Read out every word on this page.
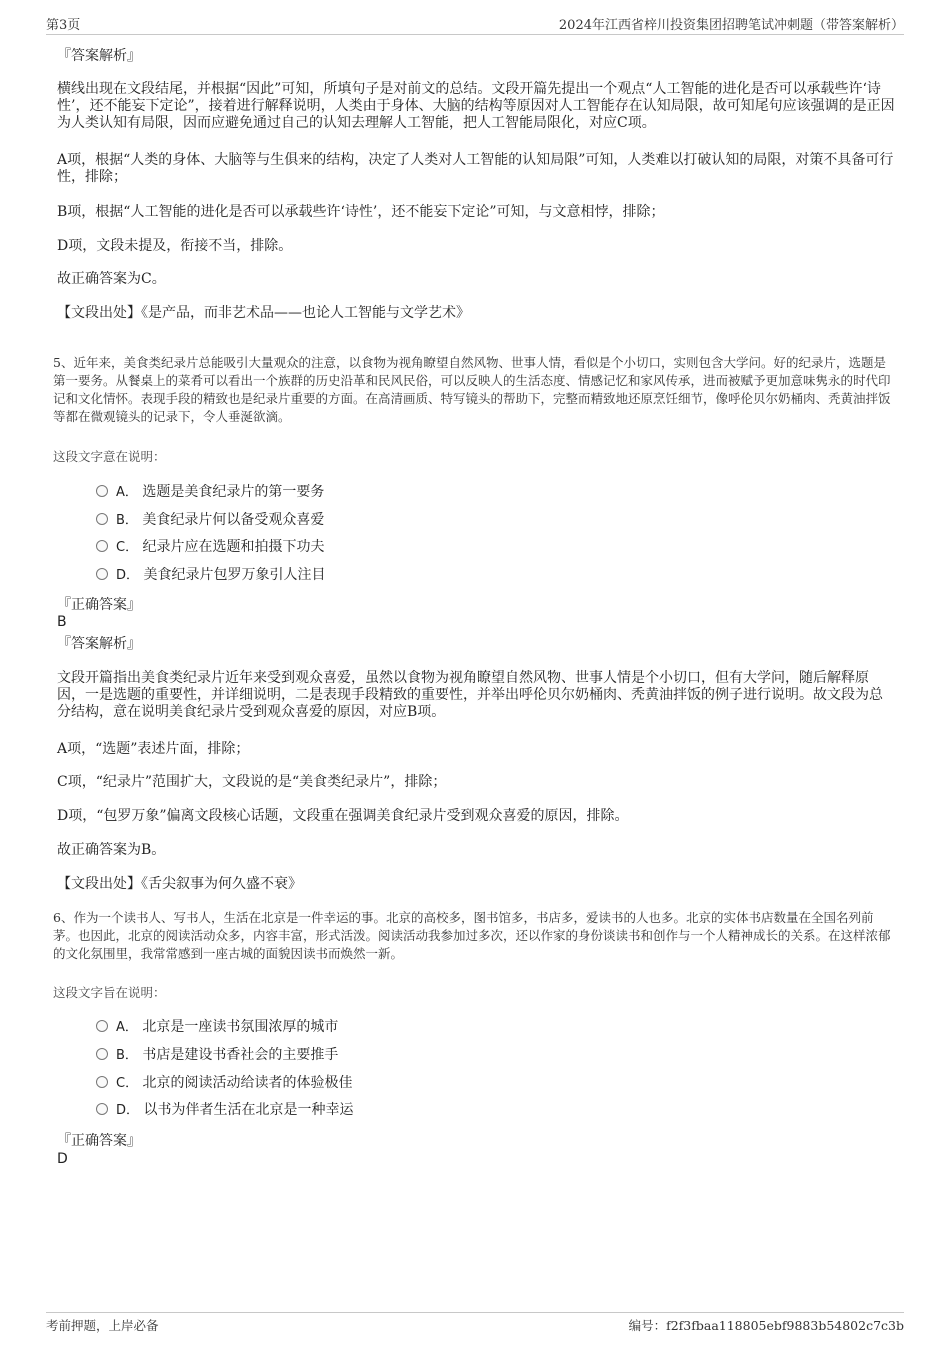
第3页	2024年江西省梓川投资集团招聘笔试冲刺题（带答案解析）
『答案解析』
横线出现在文段结尾，并根据“因此”可知，所填句子是对前文的总结。文段开篇先提出一个观点“人工智能的进化是否可以承载些许‘诗性’，还不能妄下定论”，接着进行解释说明，人类由于身体、大脑的结构等原因对人工智能存在认知局限，故可知尾句应该强调的是正因为人类认知有局限，因而应避免通过自己的认知去理解人工智能，把人工智能局限化，对应C项。
A项，根据“人类的身体、大脑等与生俱来的结构，决定了人类对人工智能的认知局限”可知，人类难以打破认知的局限，对策不具备可行性，排除；
B项，根据“人工智能的进化是否可以承载些许‘诗性’，还不能妄下定论”可知，与文意相悖，排除；
D项，文段未提及，衔接不当，排除。
故正确答案为C。
【文段出处】《是产品，而非艺术品——也论人工智能与文学艺术》
5、近年来，美食类纪录片总能吸引大量观众的注意，以食物为视角瞭望自然风物、世事人情，看似是个小切口，实则包含大学问。好的纪录片，选题是第一要务。从餐桌上的菜肴可以看出一个族群的历史沿革和民风民俗，可以反映人的生活态度、情感记忆和家风传承，进而被赋予更加意味隽永的时代印记和文化情怀。表现手段的精致也是纪录片重要的方面。在高清画质、特写镜头的帮助下，完整而精致地还原烹饪细节，像呼伦贝尔奶桶肉、秃黄油拌饭等都在微观镜头的记录下，令人垂涎欲滴。
这段文字意在说明：
A． 选题是美食纪录片的第一要务
B． 美食纪录片何以备受观众喜爱
C． 纪录片应在选题和拍摄下功夫
D． 美食纪录片包罗万象引人注目
『正确答案』
B
『答案解析』
文段开篇指出美食类纪录片近年来受到观众喜爱，虽然以食物为视角瞭望自然风物、世事人情是个小切口，但有大学问，随后解释原因，一是选题的重要性，并详细说明，二是表现手段精致的重要性，并举出呼伦贝尔奶桶肉、秃黄油拌饭的例子进行说明。故文段为总分结构，意在说明美食纪录片受到观众喜爱的原因，对应B项。
A项，“选题”表述片面，排除；
C项，“纪录片”范围扩大，文段说的是“美食类纪录片”，排除；
D项，“包罗万象”偏离文段核心话题，文段重在强调美食纪录片受到观众喜爱的原因，排除。
故正确答案为B。
【文段出处】《舌尖叙事为何久盛不衰》
6、作为一个读书人、写书人，生活在北京是一件幸运的事。北京的高校多，图书馆多，书店多，爱读书的人也多。北京的实体书店数量在全国名列前茅。也因此，北京的阅读活动众多，内容丰富，形式活泼。阅读活动我参加过多次，还以作家的身份谈读书和创作与一个人精神成长的关系。在这样浓郁的文化氛围里，我常常感到一座古城的面貌因读书而焕然一新。
这段文字旨在说明：
A． 北京是一座读书氛围浓厚的城市
B． 书店是建设书香社会的主要推手
C． 北京的阅读活动给读者的体验极佳
D． 以书为伴者生活在北京是一种幸运
『正确答案』
D
考前押题，上岸必备	编号：f2f3fbaa118805ebf9883b54802c7c3b
